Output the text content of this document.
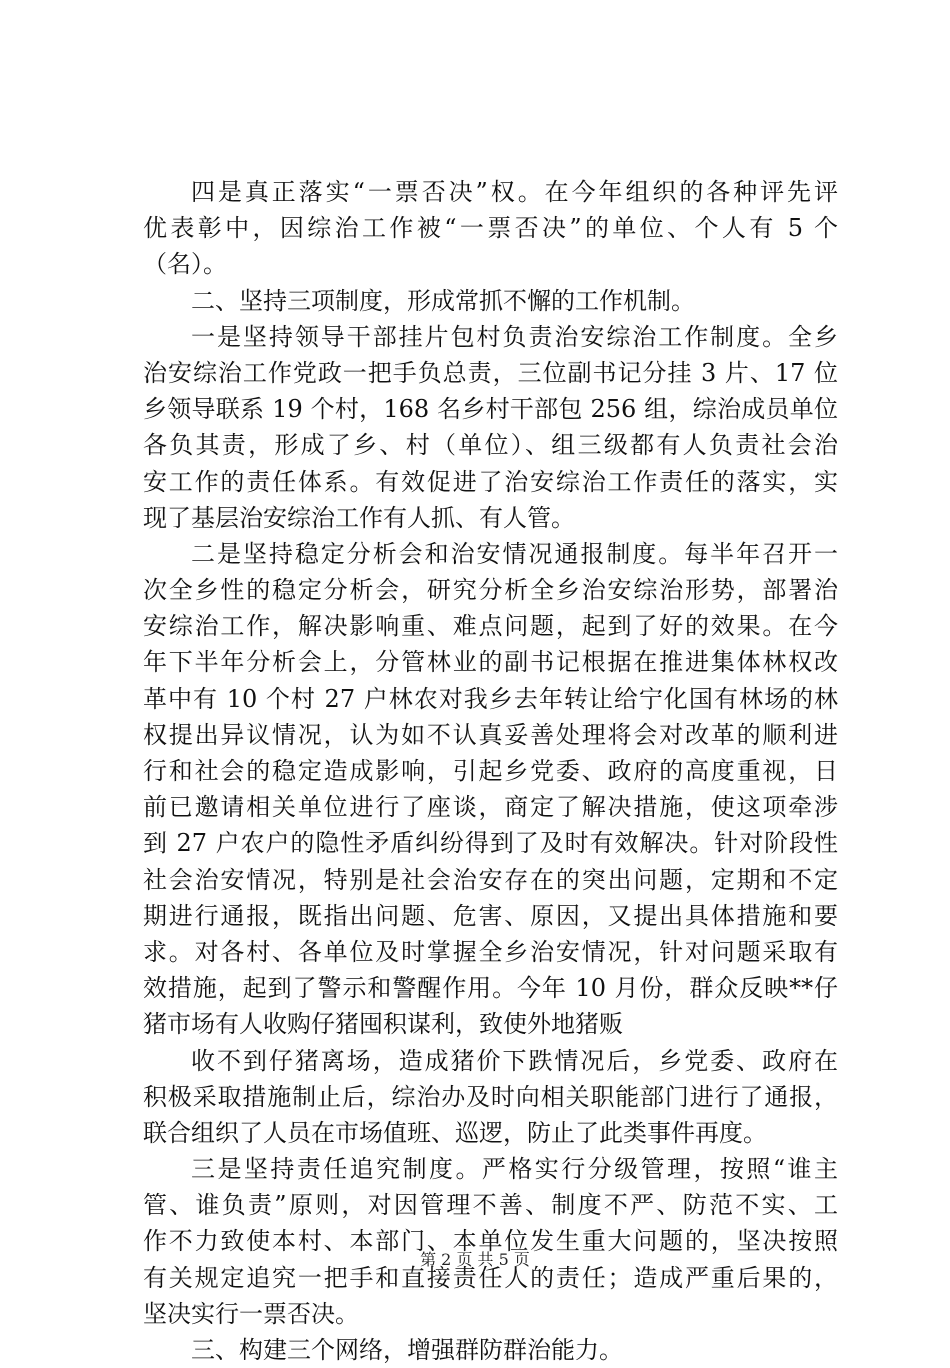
四是真正落实“一票否决”权。在今年组织的各种评先评
优表彰中，因综治工作被“一票否决”的单位、个人有 5 个
（名）。
二、坚持三项制度，形成常抓不懈的工作机制。
一是坚持领导干部挂片包村负责治安综治工作制度。全乡
治安综治工作党政一把手负总责，三位副书记分挂 3 片、17 位
乡领导联系 19 个村，168 名乡村干部包 256 组，综治成员单位
各负其责，形成了乡、村（单位）、组三级都有人负责社会治
安工作的责任体系。有效促进了治安综治工作责任的落实，实
现了基层治安综治工作有人抓、有人管。
二是坚持稳定分析会和治安情况通报制度。每半年召开一
次全乡性的稳定分析会，研究分析全乡治安综治形势，部署治
安综治工作，解决影响重、难点问题，起到了好的效果。在今
年下半年分析会上，分管林业的副书记根据在推进集体林权改
革中有 10 个村 27 户林农对我乡去年转让给宁化国有林场的林
权提出异议情况，认为如不认真妥善处理将会对改革的顺利进
行和社会的稳定造成影响，引起乡党委、政府的高度重视，日
前已邀请相关单位进行了座谈，商定了解决措施，使这项牵涉
到 27 户农户的隐性矛盾纠纷得到了及时有效解决。针对阶段性
社会治安情况，特别是社会治安存在的突出问题，定期和不定
期进行通报，既指出问题、危害、原因，又提出具体措施和要
求。对各村、各单位及时掌握全乡治安情况，针对问题采取有
效措施，起到了警示和警醒作用。今年 10 月份，群众反映**仔
猪市场有人收购仔猪囤积谋利，致使外地猪贩
收不到仔猪离场，造成猪价下跌情况后，乡党委、政府在
积极采取措施制止后，综治办及时向相关职能部门进行了通报，
联合组织了人员在市场值班、巡逻，防止了此类事件再度。
三是坚持责任追究制度。严格实行分级管理，按照“谁主
管、谁负责”原则，对因管理不善、制度不严、防范不实、工
作不力致使本村、本部门、本单位发生重大问题的，坚决按照
有关规定追究一把手和直接责任人的责任；造成严重后果的，
坚决实行一票否决。
三、构建三个网络，增强群防群治能力。
第 2 页 共 5 页
